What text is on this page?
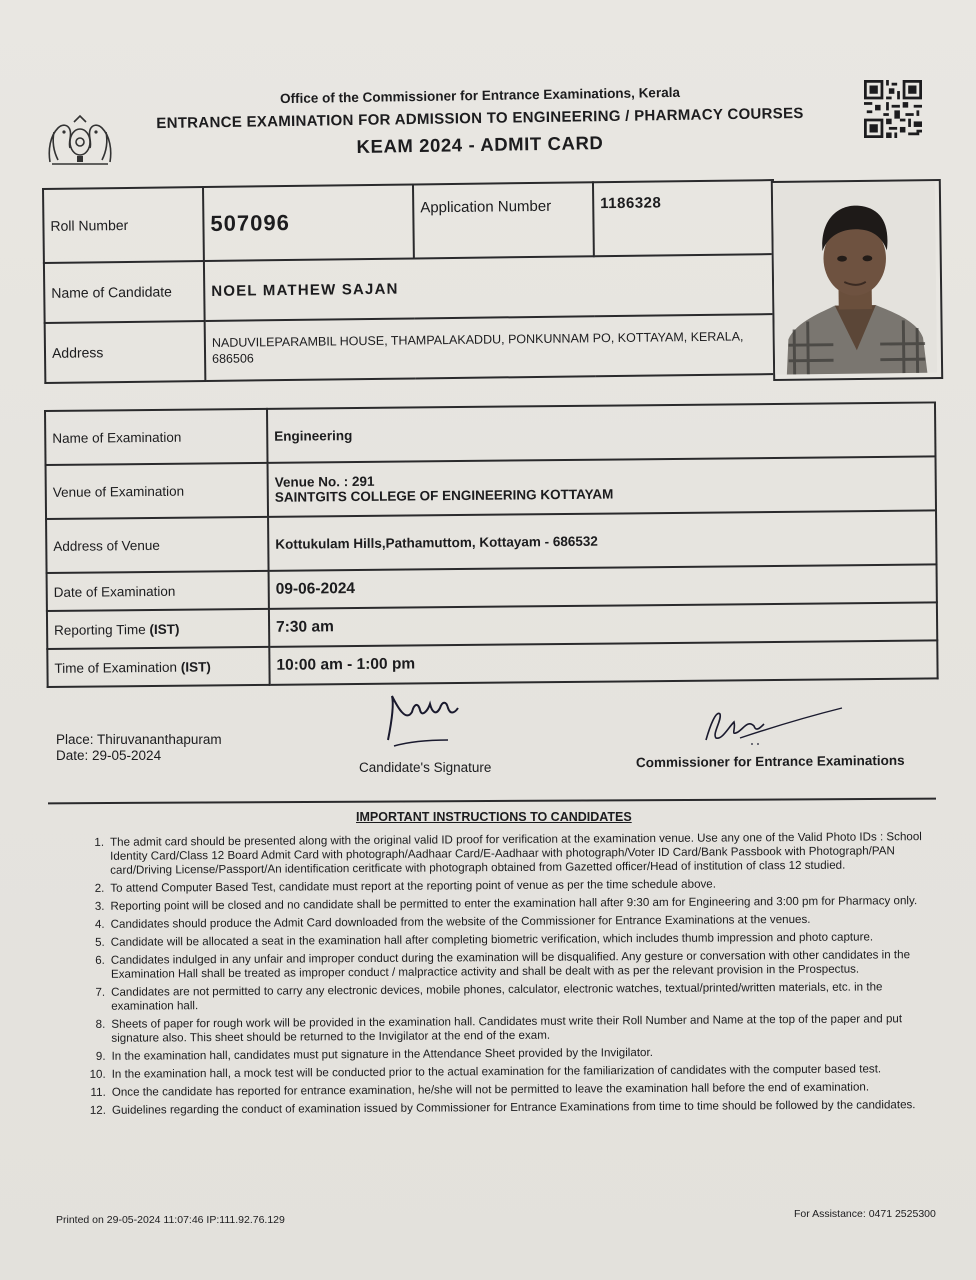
Office of the Commissioner for Entrance Examinations, Kerala
ENTRANCE EXAMINATION FOR ADMISSION TO ENGINEERING / PHARMACY COURSES
KEAM 2024 - ADMIT CARD
Roll Number	507096	Application Number	1186328
Name of Candidate	NOEL MATHEW SAJAN		
Address	NADUVILEPARAMBIL HOUSE, THAMPALAKADDU, PONKUNNAM PO, KOTTAYAM, KERALA, 686506		
Name of Examination	Engineering
Venue of Examination	Venue No. : 291
SAINTGITS COLLEGE OF ENGINEERING KOTTAYAM

Address of Venue	Kottukulam Hills,Pathamuttom, Kottayam - 686532
Date of Examination	09-06-2024
Reporting Time (IST)	7:30 am
Time of Examination (IST)	10:00 am - 1:00 pm
Place: Thiruvananthapuram
Date: 29-05-2024
Candidate's Signature	Commissioner for Entrance Examinations
IMPORTANT INSTRUCTIONS TO CANDIDATES
1. The admit card should be presented along with the original valid ID proof for verification at the examination venue. Use any one of the Valid Photo IDs : School Identity Card/Class 12 Board Admit Card with photograph/Aadhaar Card/E-Aadhaar with photograph/Voter ID Card/Bank Passbook with Photograph/PAN card/Driving License/Passport/An identification ceritficate with photograph obtained from Gazetted officer/Head of institution of class 12 studied.
2. To attend Computer Based Test, candidate must report at the reporting point of venue as per the time schedule above.
3. Reporting point will be closed and no candidate shall be permitted to enter the examination hall after 9:30 am for Engineering and 3:00 pm for Pharmacy only.
4. Candidates should produce the Admit Card downloaded from the website of the Commissioner for Entrance Examinations at the venues.
5. Candidate will be allocated a seat in the examination hall after completing biometric verification, which includes thumb impression and photo capture.
6. Candidates indulged in any unfair and improper conduct during the examination will be disqualified. Any gesture or conversation with other candidates in the Examination Hall shall be treated as improper conduct / malpractice activity and shall be dealt with as per the relevant provision in the Prospectus.
7. Candidates are not permitted to carry any electronic devices, mobile phones, calculator, electronic watches, textual/printed/written materials, etc. in the examination hall.
8. Sheets of paper for rough work will be provided in the examination hall. Candidates must write their Roll Number and Name at the top of the paper and put signature also. This sheet should be returned to the Invigilator at the end of the exam.
9. In the examination hall, candidates must put signature in the Attendance Sheet provided by the Invigilator.
10. In the examination hall, a mock test will be conducted prior to the actual examination for the familiarization of candidates with the computer based test.
11. Once the candidate has reported for entrance examination, he/she will not be permitted to leave the examination hall before the end of examination.
12. Guidelines regarding the conduct of examination issued by Commissioner for Entrance Examinations from time to time should be followed by the candidates.
Printed on 29-05-2024 11:07:46 IP:111.92.76.129	For Assistance: 0471 2525300
